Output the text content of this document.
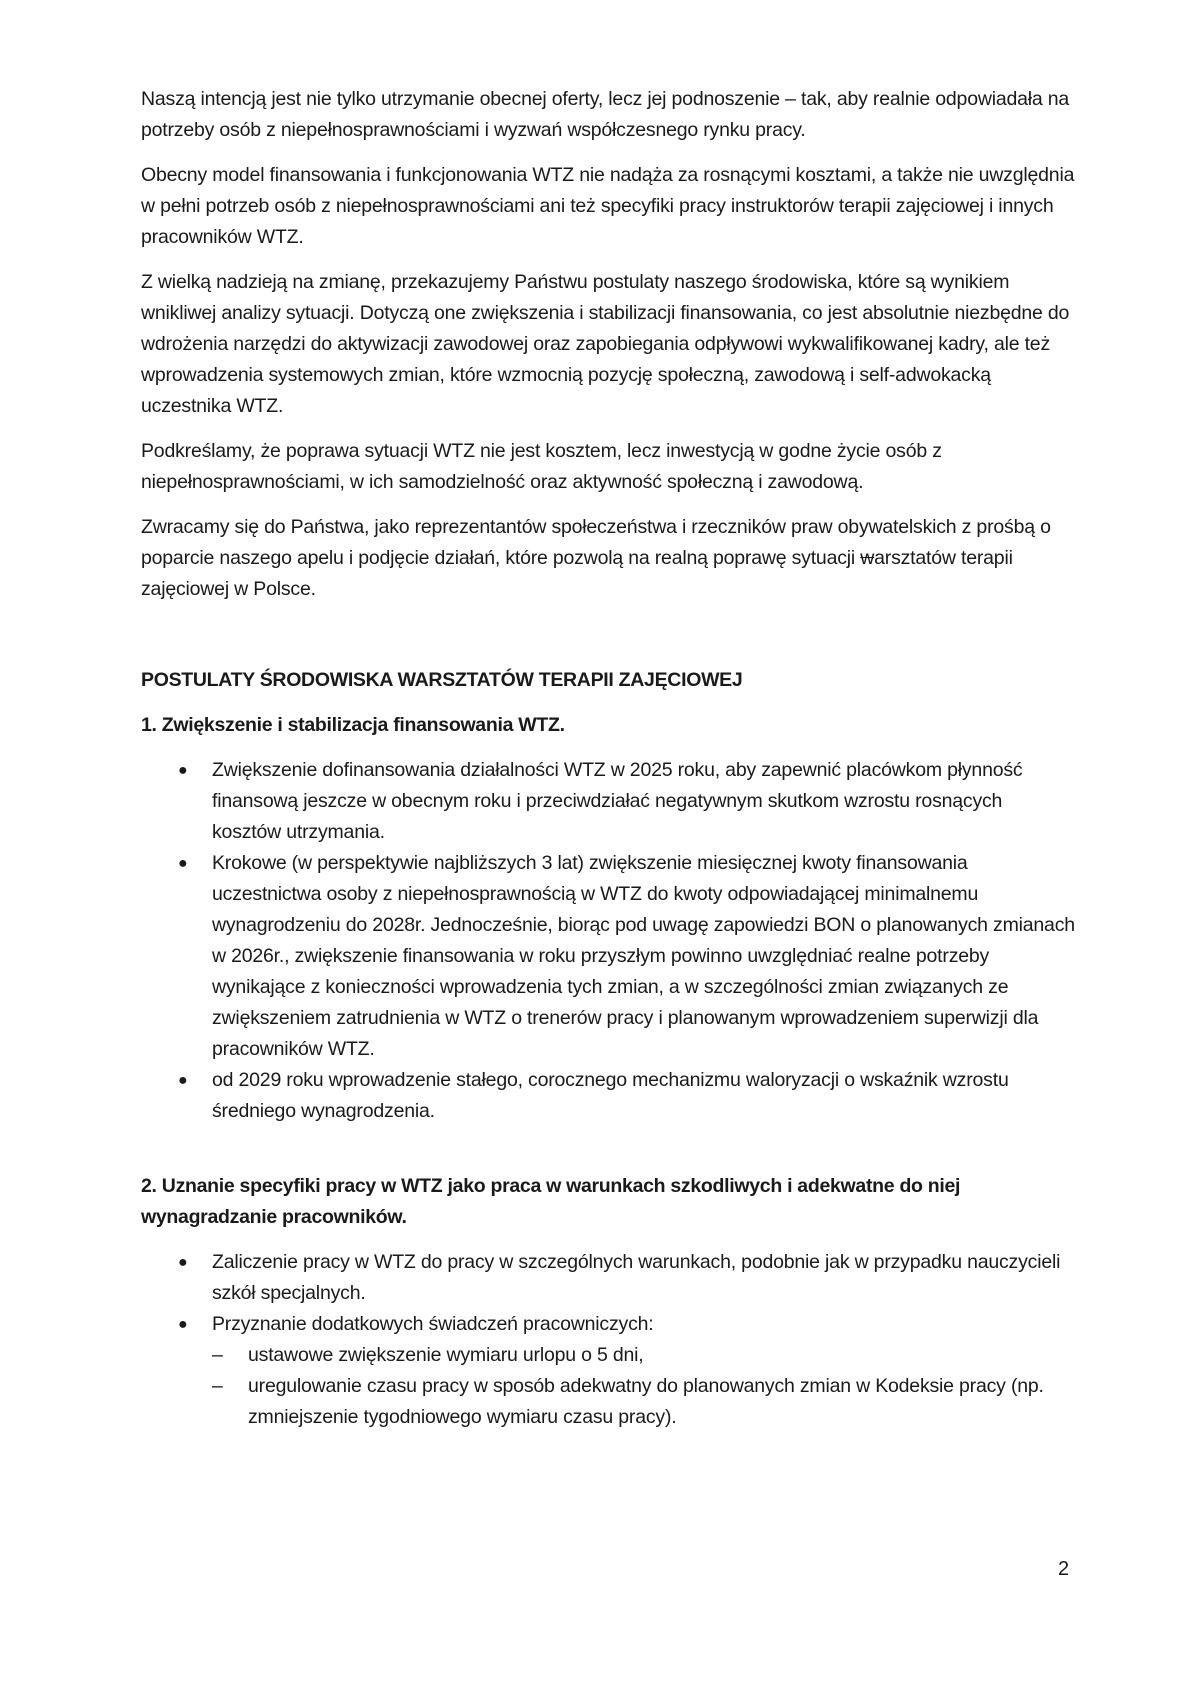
Naszą intencją jest nie tylko utrzymanie obecnej oferty, lecz jej podnoszenie – tak, aby realnie odpowiadała na potrzeby osób z niepełnosprawnościami i wyzwań współczesnego rynku pracy.

Obecny model finansowania i funkcjonowania WTZ nie nadąża za rosnącymi kosztami, a także nie uwzględnia w pełni potrzeb osób z niepełnosprawnościami ani też specyfiki pracy instruktorów terapii zajęciowej i innych pracowników WTZ.

Z wielką nadzieją na zmianę, przekazujemy Państwu postulaty naszego środowiska, które są wynikiem wnikliwej analizy sytuacji. Dotyczą one zwiększenia i stabilizacji finansowania, co jest absolutnie niezbędne do wdrożenia narzędzi do aktywizacji zawodowej oraz zapobiegania odpływowi wykwalifikowanej kadry, ale też wprowadzenia systemowych zmian, które wzmocnią pozycję społeczną, zawodową i self-adwokacką uczestnika WTZ.

Podkreślamy, że poprawa sytuacji WTZ nie jest kosztem, lecz inwestycją w godne życie osób z niepełnosprawnościami, w ich samodzielność oraz aktywność społeczną i zawodową.

Zwracamy się do Państwa, jako reprezentantów społeczeństwa i rzeczników praw obywatelskich z prośbą o poparcie naszego apelu i podjęcie działań, które pozwolą na realną poprawę sytuacji warsztatów terapii zajęciowej w Polsce.

POSTULATY ŚRODOWISKA WARSZTATÓW TERAPII ZAJĘCIOWEJ
1. Zwiększenie i stabilizacja finansowania WTZ.
● Zwiększenie dofinansowania działalności WTZ w 2025 roku, aby zapewnić placówkom płynność finansową jeszcze w obecnym roku i przeciwdziałać negatywnym skutkom wzrostu rosnących kosztów utrzymania.
● Krokowe (w perspektywie najbliższych 3 lat) zwiększenie miesięcznej kwoty finansowania uczestnictwa osoby z niepełnosprawnością w WTZ do kwoty odpowiadającej minimalnemu wynagrodzeniu do 2028r. Jednocześnie, biorąc pod uwagę zapowiedzi BON o planowanych zmianach w 2026r., zwiększenie finansowania w roku przyszłym powinno uwzględniać realne potrzeby wynikające z konieczności wprowadzenia tych zmian, a w szczególności zmian związanych ze zwiększeniem zatrudnienia w WTZ o trenerów pracy i planowanym wprowadzeniem superwizji dla pracowników WTZ.
● od 2029 roku wprowadzenie stałego, corocznego mechanizmu waloryzacji o wskaźnik wzrostu średniego wynagrodzenia.
2. Uznanie specyfiki pracy w WTZ jako praca w warunkach szkodliwych i adekwatne do niej wynagradzanie pracowników.
● Zaliczenie pracy w WTZ do pracy w szczególnych warunkach, podobnie jak w przypadku nauczycieli szkół specjalnych.
● Przyznanie dodatkowych świadczeń pracowniczych:
– ustawowe zwiększenie wymiaru urlopu o 5 dni,
– uregulowanie czasu pracy w sposób adekwatny do planowanych zmian w Kodeksie pracy (np. zmniejszenie tygodniowego wymiaru czasu pracy).
2
